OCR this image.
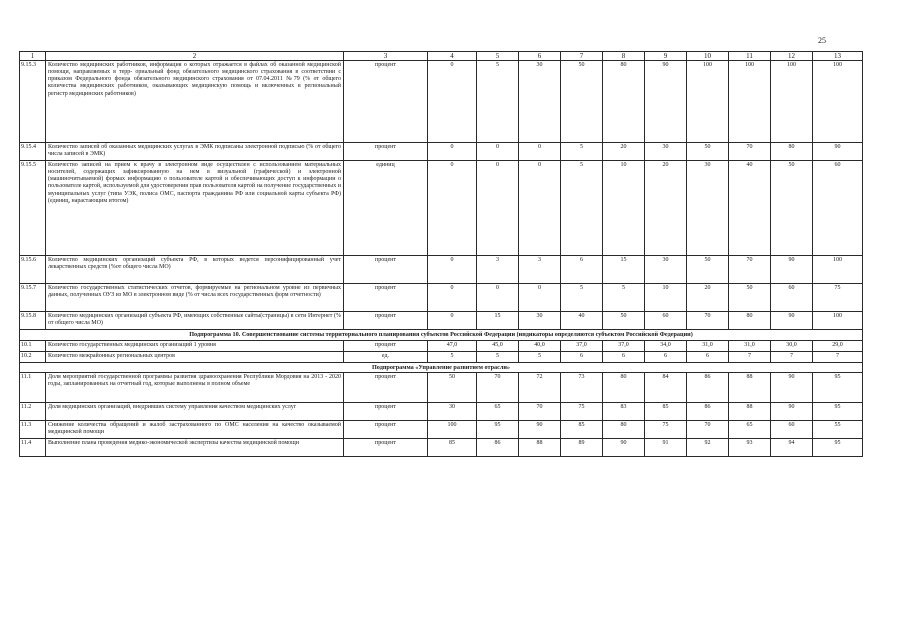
25
1	2	3	4	5	6	7	8	9	10	11	12	13
9.15.3	Количество медицинских работников, информация о которых отражается в файлах об оказанной медицинской помощи, направляемых в терр- ориальный фонд обязательного медицинского страхования в соответствии с приказом Федерального фонда обязательного медицинского страхования от 07.04.2011 №79 (% от общего количества медицинских работников, оказывающих медицинскую помощь и включенных в региональный регистр медицинских работников)	процент	0	5	30	50	80	90	100	100	100	100
9.15.4	Количество записей об оказанных медицинских услугах в ЭМК подписаны электронной подписью (% от общего числа записей в ЭМК)	процент	0	0	0	5	20	30	50	70	80	90
9.15.5	Количество записей на прием к врачу в электронном виде осуществлен с использованием материальных носителей, содержащих зафиксированную на нем в визуальной (графической) и электронной (машиночитываемой) формах информацию о пользователе картой и обеспечивающих доступ к информации о пользователе картой, используемой для удостоверения прав пользователя картой на получение государственных и муниципальных услуг (типа УЭК, полиса ОМС, паспорта гражданина РФ или социальной карты субъекта РФ) (единиц, нарастающим итогом)	единиц	0	0	0	5	10	20	30	40	50	60
9.15.6	Количество медицинских организаций субъекта РФ, в которых ведется персонифицированный учет лекарственных средств (%от общего числа МО)	процент	0	3	3	6	15	30	50	70	90	100
9.15.7	Количество государственных статистических отчетов, формируемые на региональном уровне из первичных данных, полученных ОУЗ из МО в электронном виде (% от числа всех государственных форм отчетности)	процент	0	0	0	5	5	10	20	50	60	75
9.15.8	Количество медицинских организаций субъекта РФ, имеющих собственные сайты(страницы) в сети Интернет (% от общего числа МО)	процент	0	15	30	40	50	60	70	80	90	100
Подпрограмма 10. Совершенствование системы территориального планирования субъектов Российской Федерации (индикаторы определяются субъектом Российской Федерации)												
10.1	Количество государственных медицинских организаций 1 уровня	процент	47,0	45,0	40,0	37,0	37,0	34,0	31,0	31,0	30,0	29,0
10.2	Количество межрайонных региональных центров	ед.	5	5	5	6	6	6	6	7	7	7
Подпрограмма «Управление развитием отрасли»												
11.1	Доля мероприятий государственной программы развития здравоохранения Республики Мордовия на 2013 - 2020 годы, запланированных на отчетный год, которые выполнены в полном объеме	процент	50	70	72	73	80	84	86	88	90	95
11.2	Доля медицинских организаций, внедривших систему управления качеством медицинских услуг	процент	30	65	70	75	83	85	86	88	90	95
11.3	Снижение количества обращений и жалоб застрахованного по ОМС населения на качество оказываемой медицинской помощи	процент	100	95	90	85	80	75	70	65	60	55
11.4	Выполнение плана проведения медико-экономической экспертизы качества медицинской помощи	процент	85	86	88	89	90	91	92	93	94	95
